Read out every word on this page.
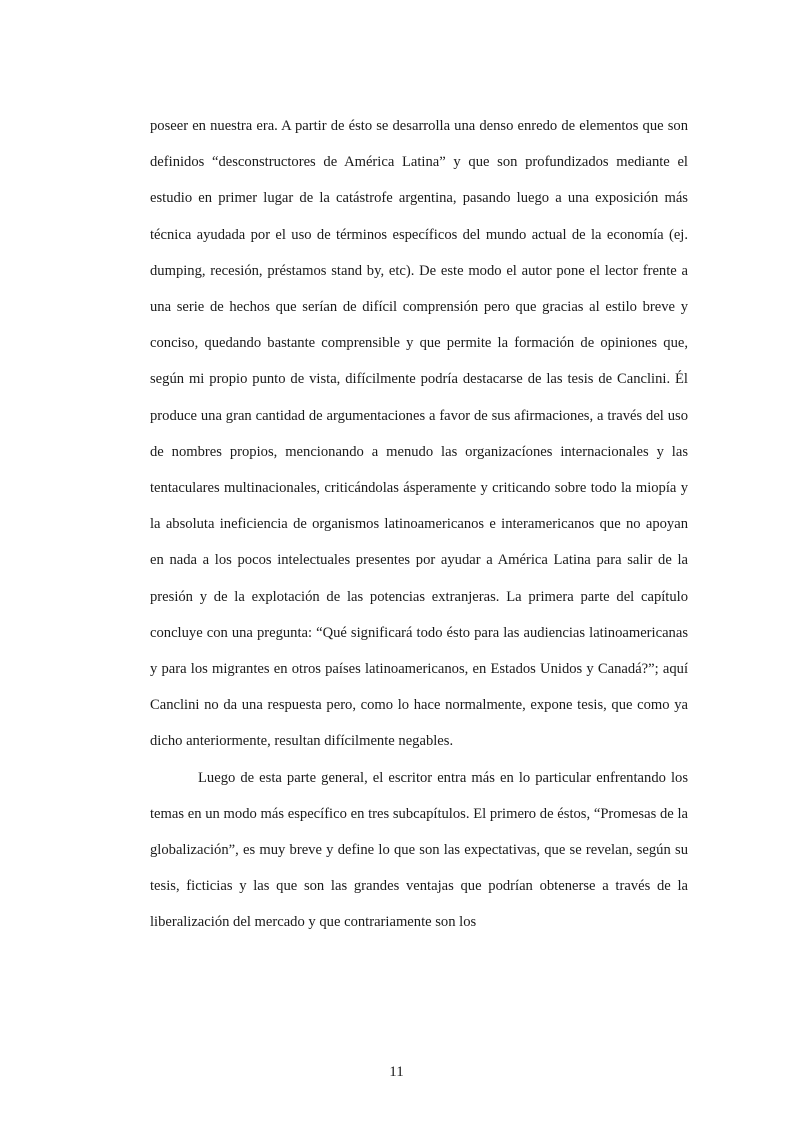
poseer en nuestra era. A partir de ésto se desarrolla una denso enredo de elementos que son definidos “desconstructores de América Latina” y que son profundizados mediante el estudio en primer lugar de la catástrofe argentina, pasando luego a una exposición más técnica ayudada por el uso de términos específicos del mundo actual de la economía (ej. dumping, recesión, préstamos stand by, etc). De este modo el autor pone el lector frente a una serie de hechos que serían de difícil comprensión pero que gracias al estilo breve y conciso, quedando bastante comprensible y que permite la formación de opiniones que, según mi propio punto de vista, difícilmente podría destacarse de las tesis de Canclini. Él produce una gran cantidad de argumentaciones a favor de sus afirmaciones, a través del uso de nombres propios, mencionando a menudo las organizacíones internacionales y las tentaculares multinacionales, criticándolas ásperamente y criticando sobre todo la miopía y la absoluta ineficiencia de organismos latinoamericanos e interamericanos que no apoyan en nada a los pocos intelectuales presentes por ayudar a América Latina para salir de la presión y de la explotación de las potencias extranjeras. La primera parte del capítulo concluye con una pregunta: “Qué significará todo ésto para las audiencias latinoamericanas y para los migrantes en otros países latinoamericanos, en Estados Unidos y Canadá?”; aquí Canclini no da una respuesta pero, como lo hace normalmente, expone tesis, que como ya dicho anteriormente, resultan difícilmente negables.

Luego de esta parte general, el escritor entra más en lo particular enfrentando los temas en un modo más específico en tres subcapítulos. El primero de éstos, “Promesas de la globalización”, es muy breve y define lo que son las expectativas, que se revelan, según su tesis, ficticias y las que son las grandes ventajas que podrían obtenerse a través de la liberalización del mercado y que contrariamente son los

11
